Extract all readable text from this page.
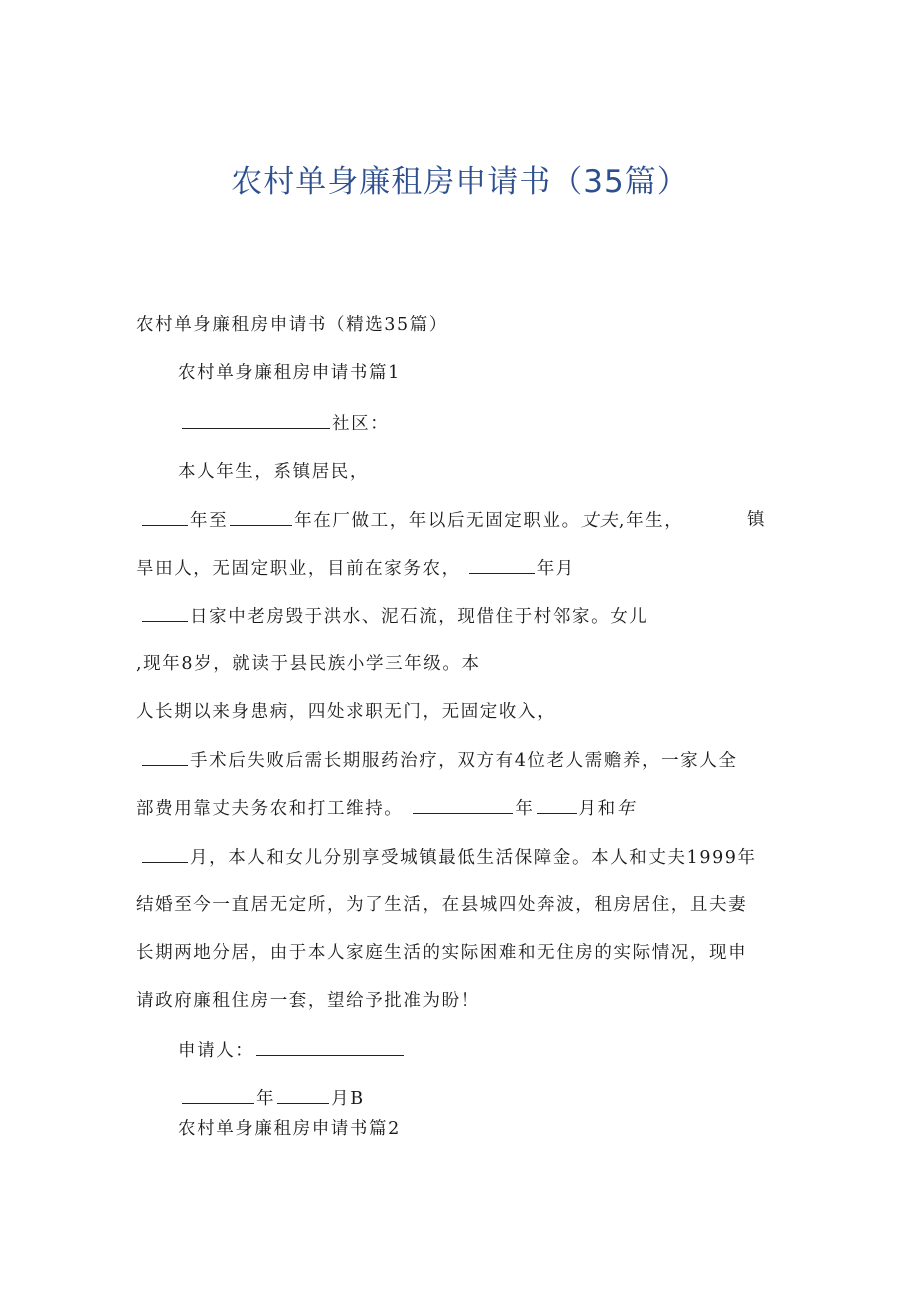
农村单身廉租房申请书（35篇）
农村单身廉租房申请书（精选35篇）
农村单身廉租房申请书篇1
社区：
本人年生，系镇居民，
年至	年在厂做工，年以后无固定职业。丈夫,年生，	镇
旱田人，无固定职业，目前在家务农，	年月
日家中老房毁于洪水、泥石流，现借住于村邻家。女儿
,现年8岁，就读于县民族小学三年级。本
人长期以来身患病，四处求职无门，无固定收入，
手术后失败后需长期服药治疗，双方有4位老人需赡养，一家人全
部费用靠丈夫务农和打工维持。	年	月和年
月，本人和女儿分别享受城镇最低生活保障金。本人和丈夫1999年
结婚至今一直居无定所，为了生活，在县城四处奔波，租房居住，且夫妻
长期两地分居，由于本人家庭生活的实际困难和无住房的实际情况，现申
请政府廉租住房一套，望给予批准为盼！
申请人：
年	月B
农村单身廉租房申请书篇2
